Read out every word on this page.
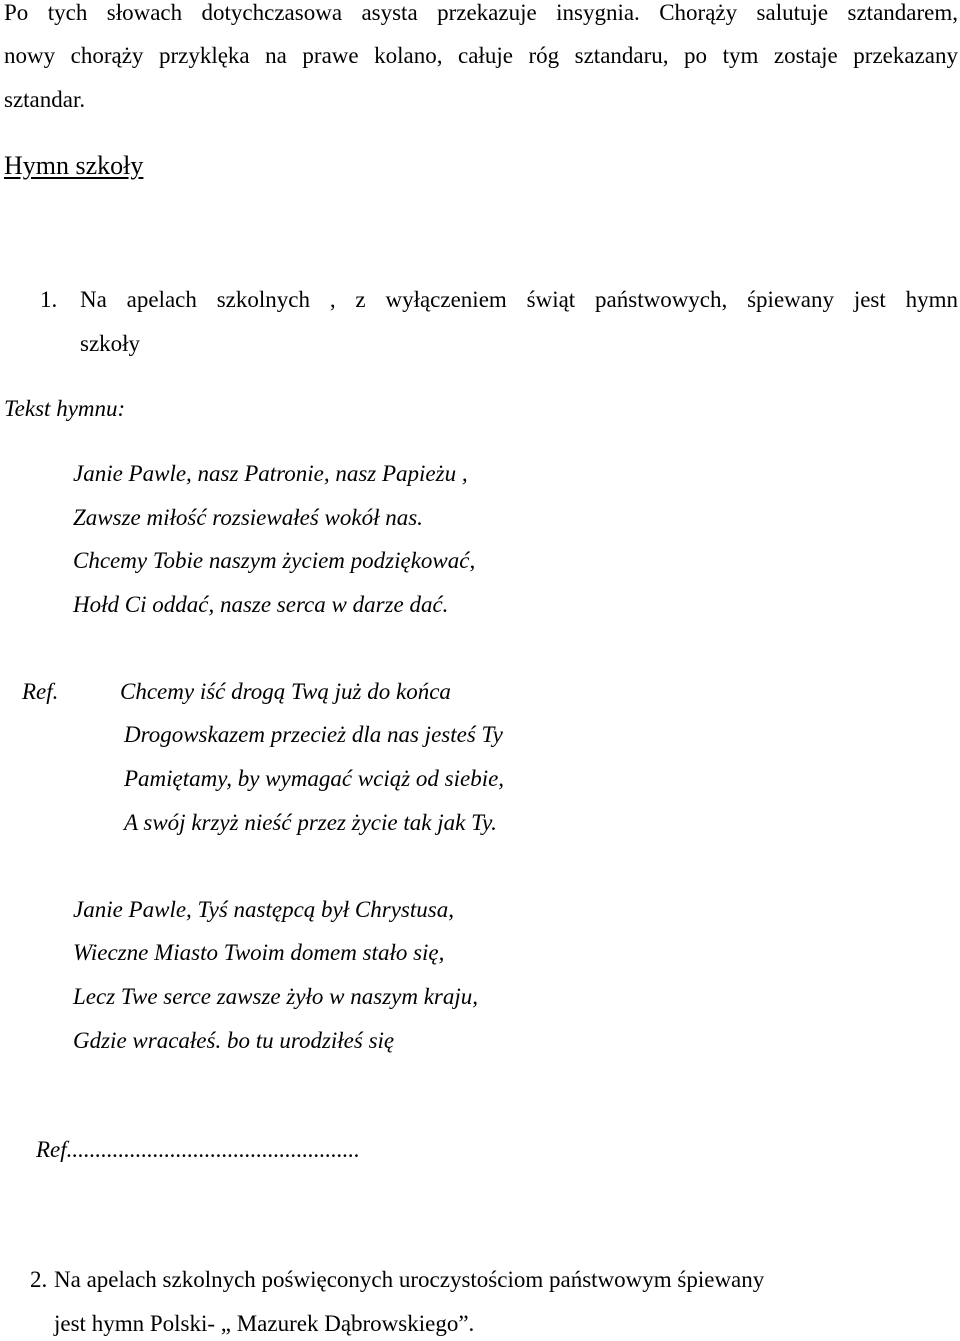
Po tych słowach dotychczasowa asysta przekazuje insygnia. Chorąży salutuje sztandarem,
nowy chorąży przyklęka na prawe kolano, całuje róg sztandaru, po tym zostaje przekazany
sztandar.
Hymn szkoły
1. Na apelach szkolnych , z wyłączeniem świąt państwowych, śpiewany jest hymn
szkoły
Tekst hymnu:
Janie Pawle, nasz Patronie, nasz Papieżu ,
Zawsze miłość rozsiewałeś wokół nas.
Chcemy Tobie naszym życiem podziękować,
Hołd Ci oddać, nasze serca w darze dać.
Ref.	Chcemy iść drogą Twą już do końca
Drogowskazem przecież dla nas jesteś Ty
Pamiętamy, by wymagać wciąż od siebie,
A swój krzyż nieść przez życie tak jak Ty.
Janie Pawle, Tyś następcą był Chrystusa,
Wieczne Miasto Twoim domem stało się,
Lecz Twe serce zawsze żyło w naszym kraju,
Gdzie wracałeś. bo tu urodziłeś się
Ref...................................................
2. Na apelach szkolnych poświęconych uroczystościom państwowym śpiewany
jest hymn Polski- „ Mazurek Dąbrowskiego”.
